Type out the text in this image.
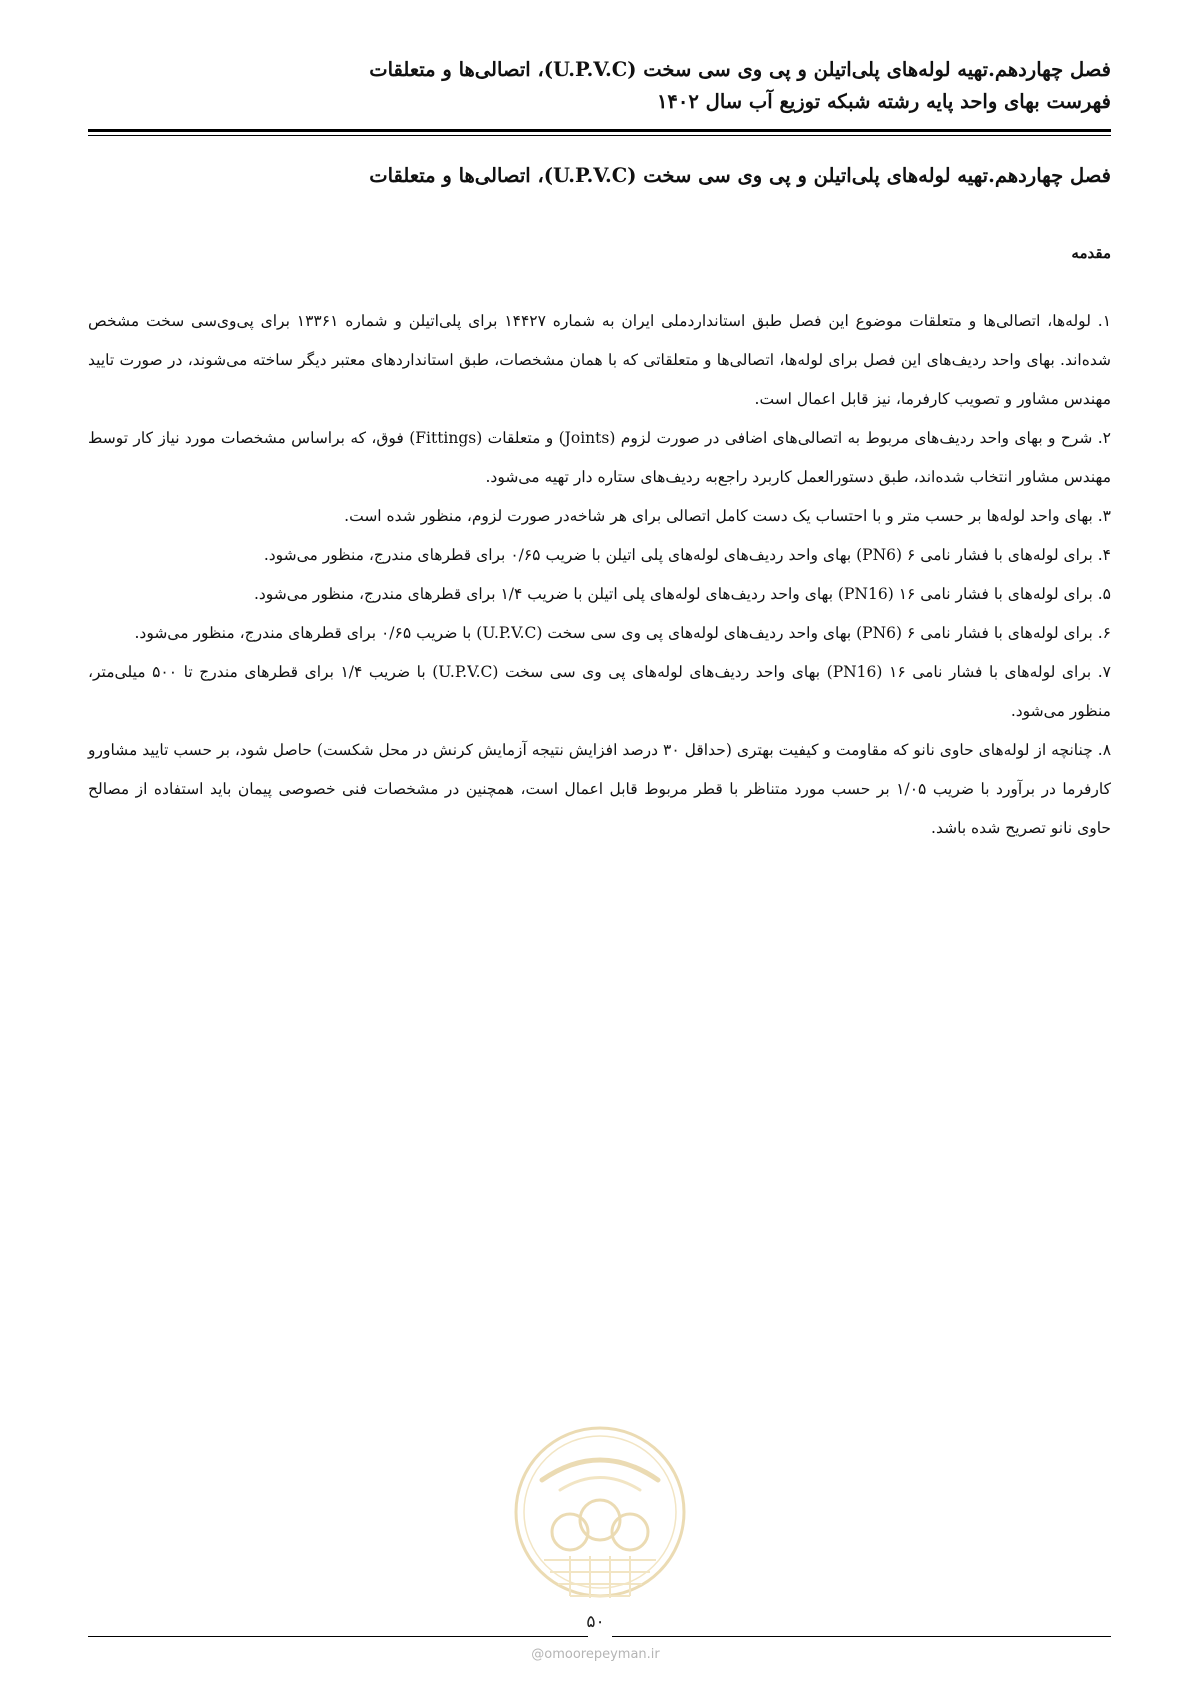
فصل چهاردهم.تهیه لوله‌های پلی‌اتیلن و پی وی سی سخت (U.P.V.C)، اتصالی‌ها و متعلقات
فهرست بهای واحد پایه رشته شبکه توزیع آب سال ۱۴۰۲
فصل چهاردهم.تهیه لوله‌های پلی‌اتیلن و پی وی سی سخت (U.P.V.C)، اتصالی‌ها و متعلقات
مقدمه

۱. لوله‌ها، اتصالی‌ها و متعلقات موضوع این فصل طبق استانداردملی ایران به شماره ۱۴۴۲۷ برای پلی‌اتیلن و شماره ۱۳۳۶۱ برای پی‌وی‌سی سخت مشخص شده‌اند. بهای واحد ردیف‌های این فصل برای لوله‌ها، اتصالی‌ها و متعلقاتی که با همان مشخصات، طبق استانداردهای معتبر دیگر ساخته می‌شوند، در صورت تایید مهندس مشاور و تصویب کارفرما، نیز قابل اعمال است.

۲. شرح و بهای واحد ردیف‌های مربوط به اتصالی‌های اضافی در صورت لزوم (Joints) و متعلقات (Fittings) فوق، که براساس مشخصات مورد نیاز کار توسط مهندس مشاور انتخاب شده‌اند، طبق دستورالعمل کاربرد راجع‌به ردیف‌های ستاره دار تهیه می‌شود.

۳. بهای واحد لوله‌ها بر حسب متر و با احتساب یک دست کامل اتصالی برای هر شاخه‌در صورت لزوم، منظور شده است.

۴. برای لوله‌های با فشار نامی ۶ (PN6) بهای واحد ردیف‌های لوله‌های پلی اتیلن با ضریب ۰/۶۵ برای قطرهای مندرج، منظور می‌شود.

۵. برای لوله‌های با فشار نامی ۱۶ (PN16) بهای واحد ردیف‌های لوله‌های پلی اتیلن با ضریب ۱/۴ برای قطرهای مندرج، منظور می‌شود.

۶. برای لوله‌های با فشار نامی ۶ (PN6) بهای واحد ردیف‌های لوله‌های پی وی سی سخت (U.P.V.C) با ضریب ۰/۶۵ برای قطرهای مندرج، منظور می‌شود.

۷. برای لوله‌های با فشار نامی ۱۶ (PN16) بهای واحد ردیف‌های لوله‌های پی وی سی سخت (U.P.V.C) با ضریب ۱/۴ برای قطرهای مندرج تا ۵۰۰ میلی‌متر، منظور می‌شود.

۸. چنانچه از لوله‌های حاوی نانو که مقاومت و کیفیت بهتری (حداقل ۳۰ درصد افزایش نتیجه آزمایش کرنش در محل شکست) حاصل شود، بر حسب تایید مشاورو کارفرما در برآورد با ضریب ۱/۰۵ بر حسب مورد متناظر با قطر مربوط قابل اعمال است، همچنین در مشخصات فنی خصوصی پیمان باید استفاده از مصالح حاوی نانو تصریح شده باشد.

۵۰
@omoorepeyman.ir
